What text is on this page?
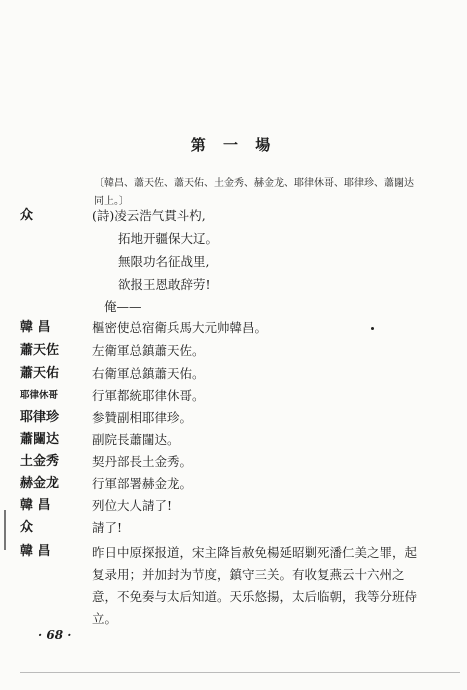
第 一 場
〔韓昌、蕭天佐、蕭天佑、土金秀、赫金龙、耶律休哥、耶律珍、蕭闥达同上。〕
众	(詩)凌云浩气貫斗杓,
拓地开疆保大辽。
無限功名征战里,
欲报王恩敢辞劳!
俺——
韓 昌	樞密使总宿衛兵馬大元帅韓昌。
蕭天佐	左衛軍总鎮蕭天佐。
蕭天佑	右衛軍总鎮蕭天佑。
耶律休哥	行軍都統耶律休哥。
耶律珍	参贊副相耶律珍。
蕭闥达	副院長蕭闥达。
土金秀	契丹部長土金秀。
赫金龙	行軍部署赫金龙。
韓 昌	列位大人請了!
众	請了!
韓 昌	昨日中原探报道，宋主降旨赦免楊延昭剿死潘仁美之罪，起复录用；并加封为节度，鎮守三关。有收复燕云十六州之意，不免奏与太后知道。天乐悠揚，太后临朝，我等分班侍立。
· 68 ·
